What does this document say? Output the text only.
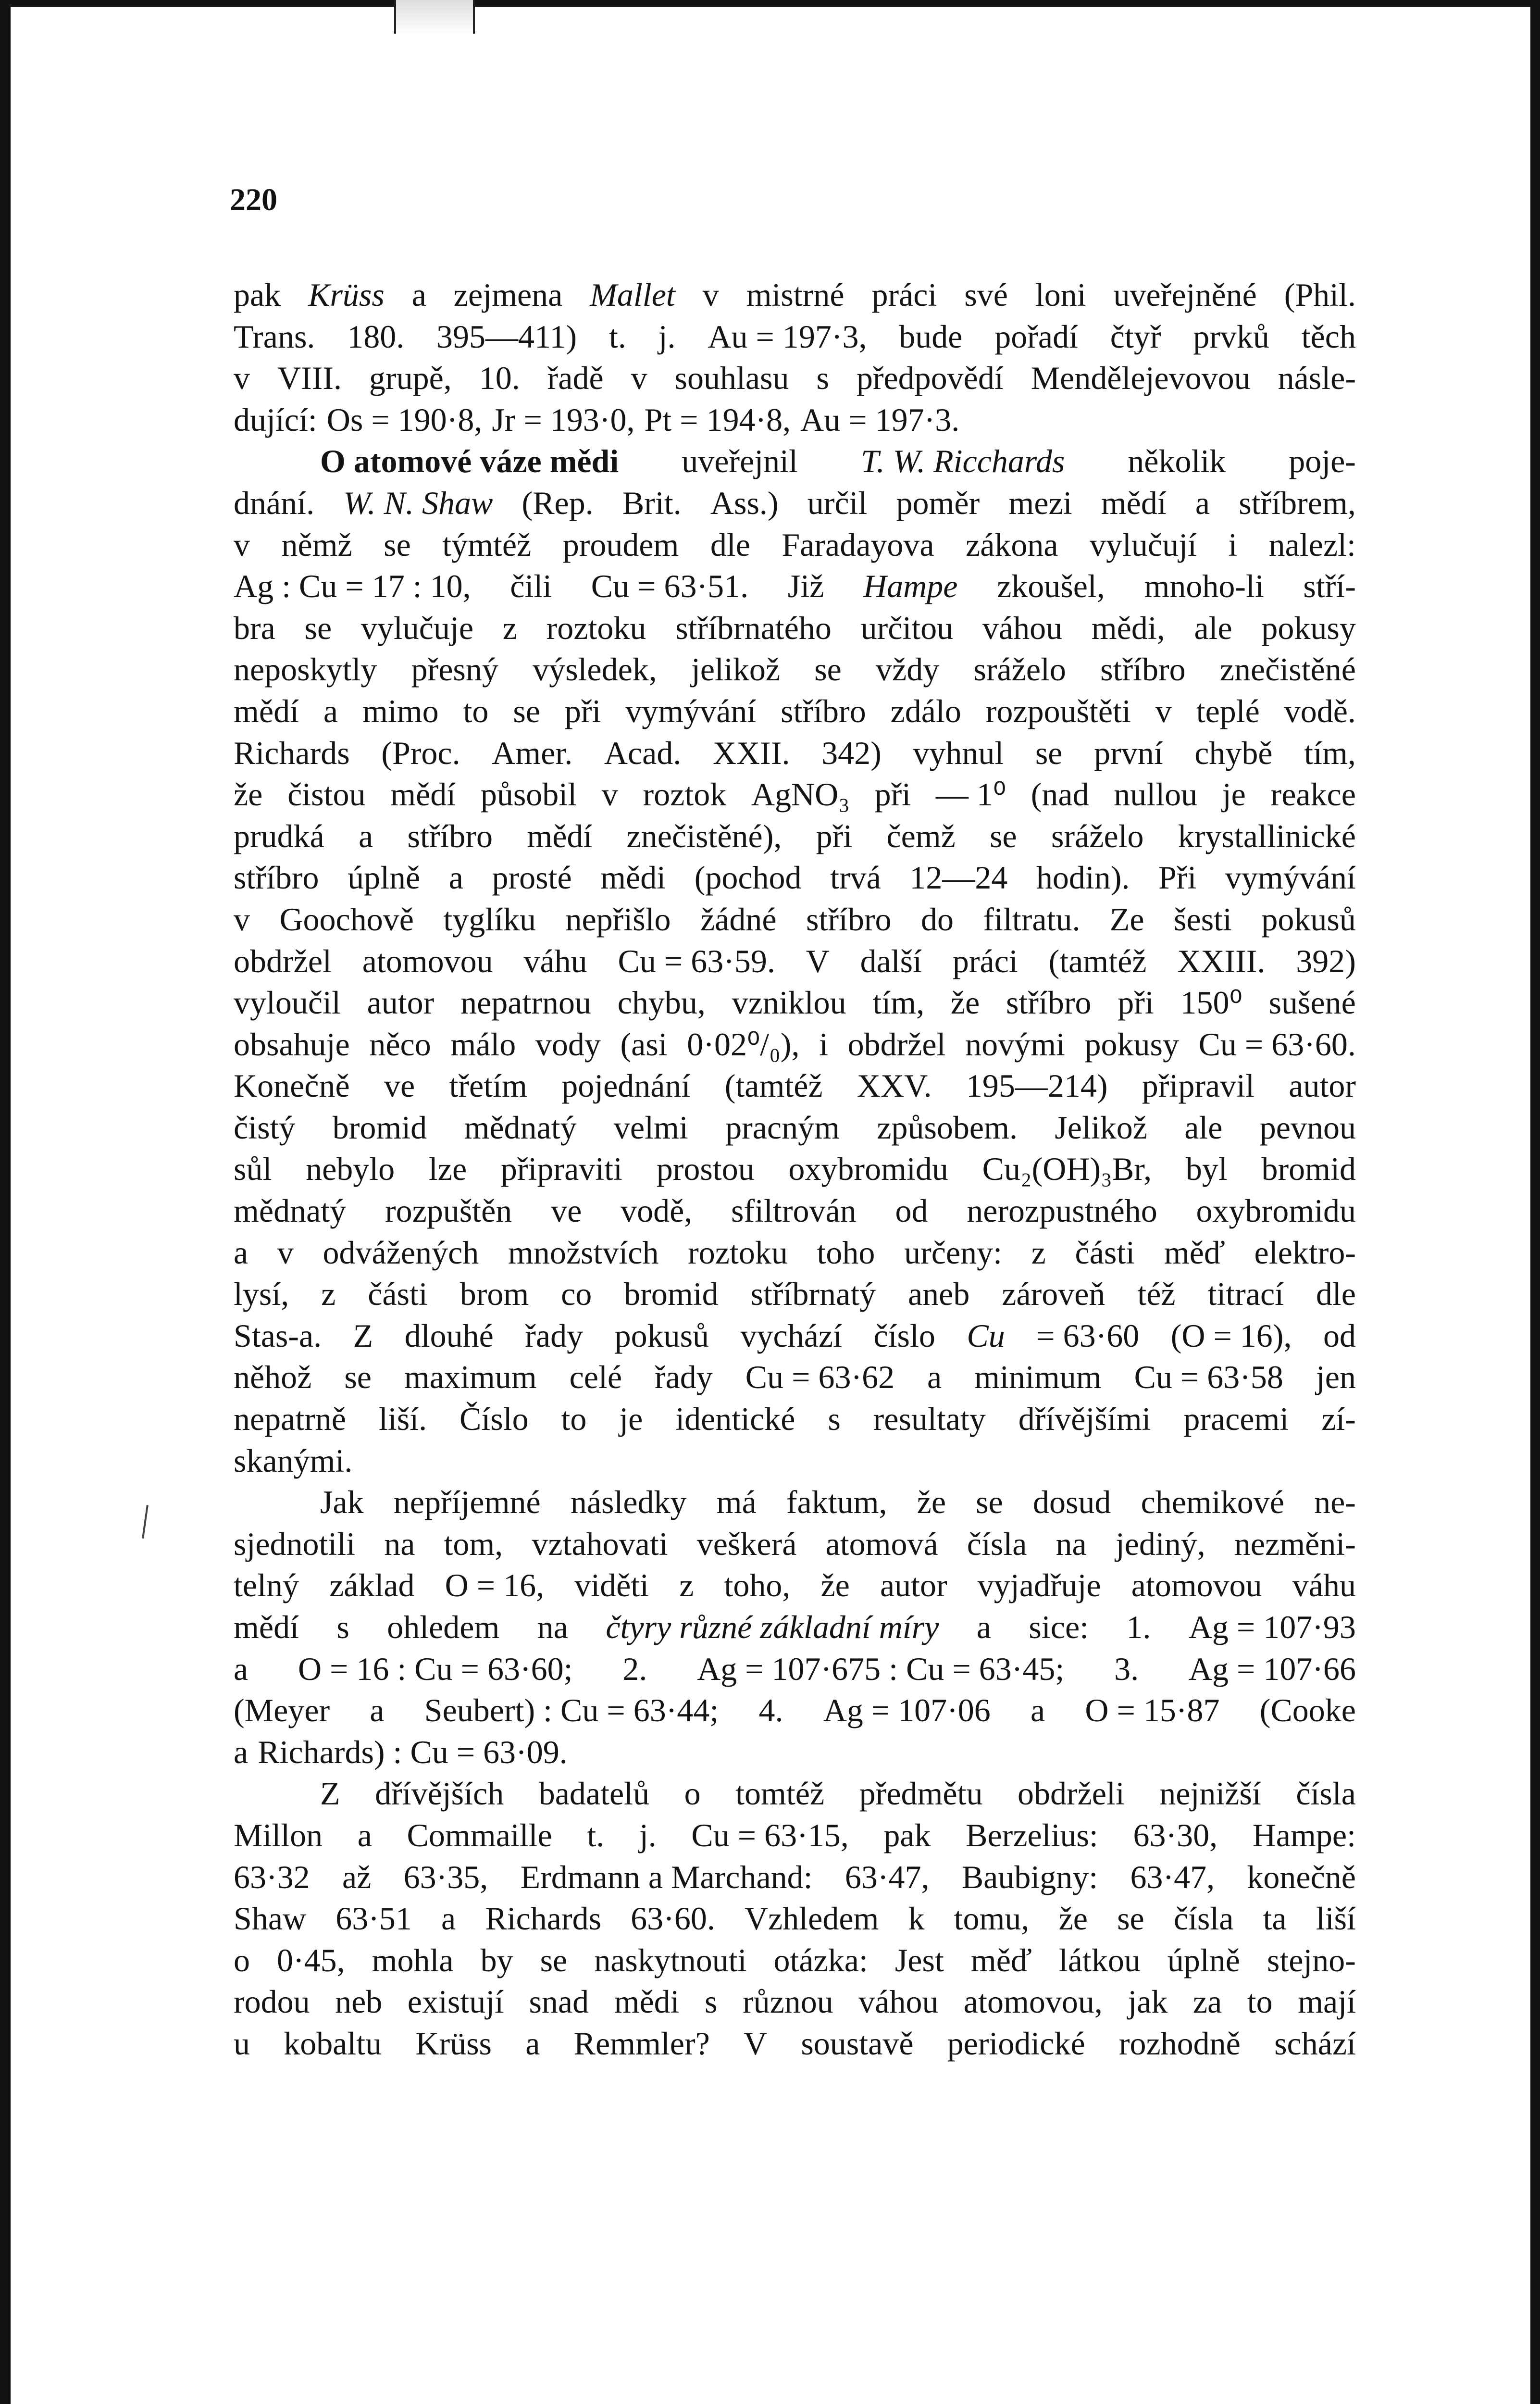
220
pak Krüss a zejmena Mallet v mistrné práci své loni uveřejněné (Phil.
Trans. 180. 395—411) t. j. Au = 197·3, bude pořadí čtyř prvků těch
v VIII. grupě, 10. řadě v souhlasu s předpovědí Mendělejevovou násle-
dující: Os = 190·8, Jr = 193·0, Pt = 194·8, Au = 197·3.
O atomové váze mědi uveřejnil T. W. Ricchards několik poje-
dnání. W. N. Shaw (Rep. Brit. Ass.) určil poměr mezi mědí a stříbrem,
v němž se týmtéž proudem dle Faradayova zákona vylučují i nalezl:
Ag : Cu = 17 : 10, čili Cu = 63·51. Již Hampe zkoušel, mnoho-li stří-
bra se vylučuje z roztoku stříbrnatého určitou váhou mědi, ale pokusy
neposkytly přesný výsledek, jelikož se vždy sráželo stříbro znečistěné
mědí a mimo to se při vymývání stříbro zdálo rozpouštěti v teplé vodě.
Richards (Proc. Amer. Acad. XXII. 342) vyhnul se první chybě tím,
že čistou mědí působil v roztok AgNO₃ při — 1⁰ (nad nullou je reakce
prudká a stříbro mědí znečistěné), při čemž se sráželo krystallinické
stříbro úplně a prosté mědi (pochod trvá 12—24 hodin). Při vymývání
v Goochově tyglíku nepřišlo žádné stříbro do filtratu. Ze šesti pokusů
obdržel atomovou váhu Cu = 63·59. V další práci (tamtéž XXIII. 392)
vyloučil autor nepatrnou chybu, vzniklou tím, že stříbro při 150⁰ sušené
obsahuje něco málo vody (asi 0·02⁰/₀), i obdržel novými pokusy Cu = 63·60.
Konečně ve třetím pojednání (tamtéž XXV. 195—214) připravil autor
čistý bromid mědnatý velmi pracným způsobem. Jelikož ale pevnou
sůl nebylo lze připraviti prostou oxybromidu Cu₂(OH)₃Br, byl bromid
mědnatý rozpuštěn ve vodě, sfiltrován od nerozpustného oxybromidu
a v odvážených množstvích roztoku toho určeny: z části měď elektro-
lysí, z části brom co bromid stříbrnatý aneb zároveň též titrací dle
Stas-a. Z dlouhé řady pokusů vychází číslo Cu = 63·60 (O = 16), od
něhož se maximum celé řady Cu = 63·62 a minimum Cu = 63·58 jen
nepatrně liší. Číslo to je identické s resultaty dřívějšími pracemi zí-
skanými.
Jak nepříjemné následky má faktum, že se dosud chemikové ne-
sjednotili na tom, vztahovati veškerá atomová čísla na jediný, nezměni-
telný základ O = 16, viděti z toho, že autor vyjadřuje atomovou váhu
mědí s ohledem na čtyry různé základní míry a sice: 1. Ag = 107·93
a O = 16 : Cu = 63·60; 2. Ag = 107·675 : Cu = 63·45; 3. Ag = 107·66
(Meyer a Seubert) : Cu = 63·44; 4. Ag = 107·06 a O = 15·87 (Cooke
a Richards) : Cu = 63·09.
Z dřívějších badatelů o tomtéž předmětu obdrželi nejnižší čísla
Millon a Commaille t. j. Cu = 63·15, pak Berzelius: 63·30, Hampe:
63·32 až 63·35, Erdmann a Marchand: 63·47, Baubigny: 63·47, konečně
Shaw 63·51 a Richards 63·60. Vzhledem k tomu, že se čísla ta liší
o 0·45, mohla by se naskytnouti otázka: Jest měď látkou úplně stejno-
rodou neb existují snad mědi s různou váhou atomovou, jak za to mají
u kobaltu Krüss a Remmler? V soustavě periodické rozhodně schází
